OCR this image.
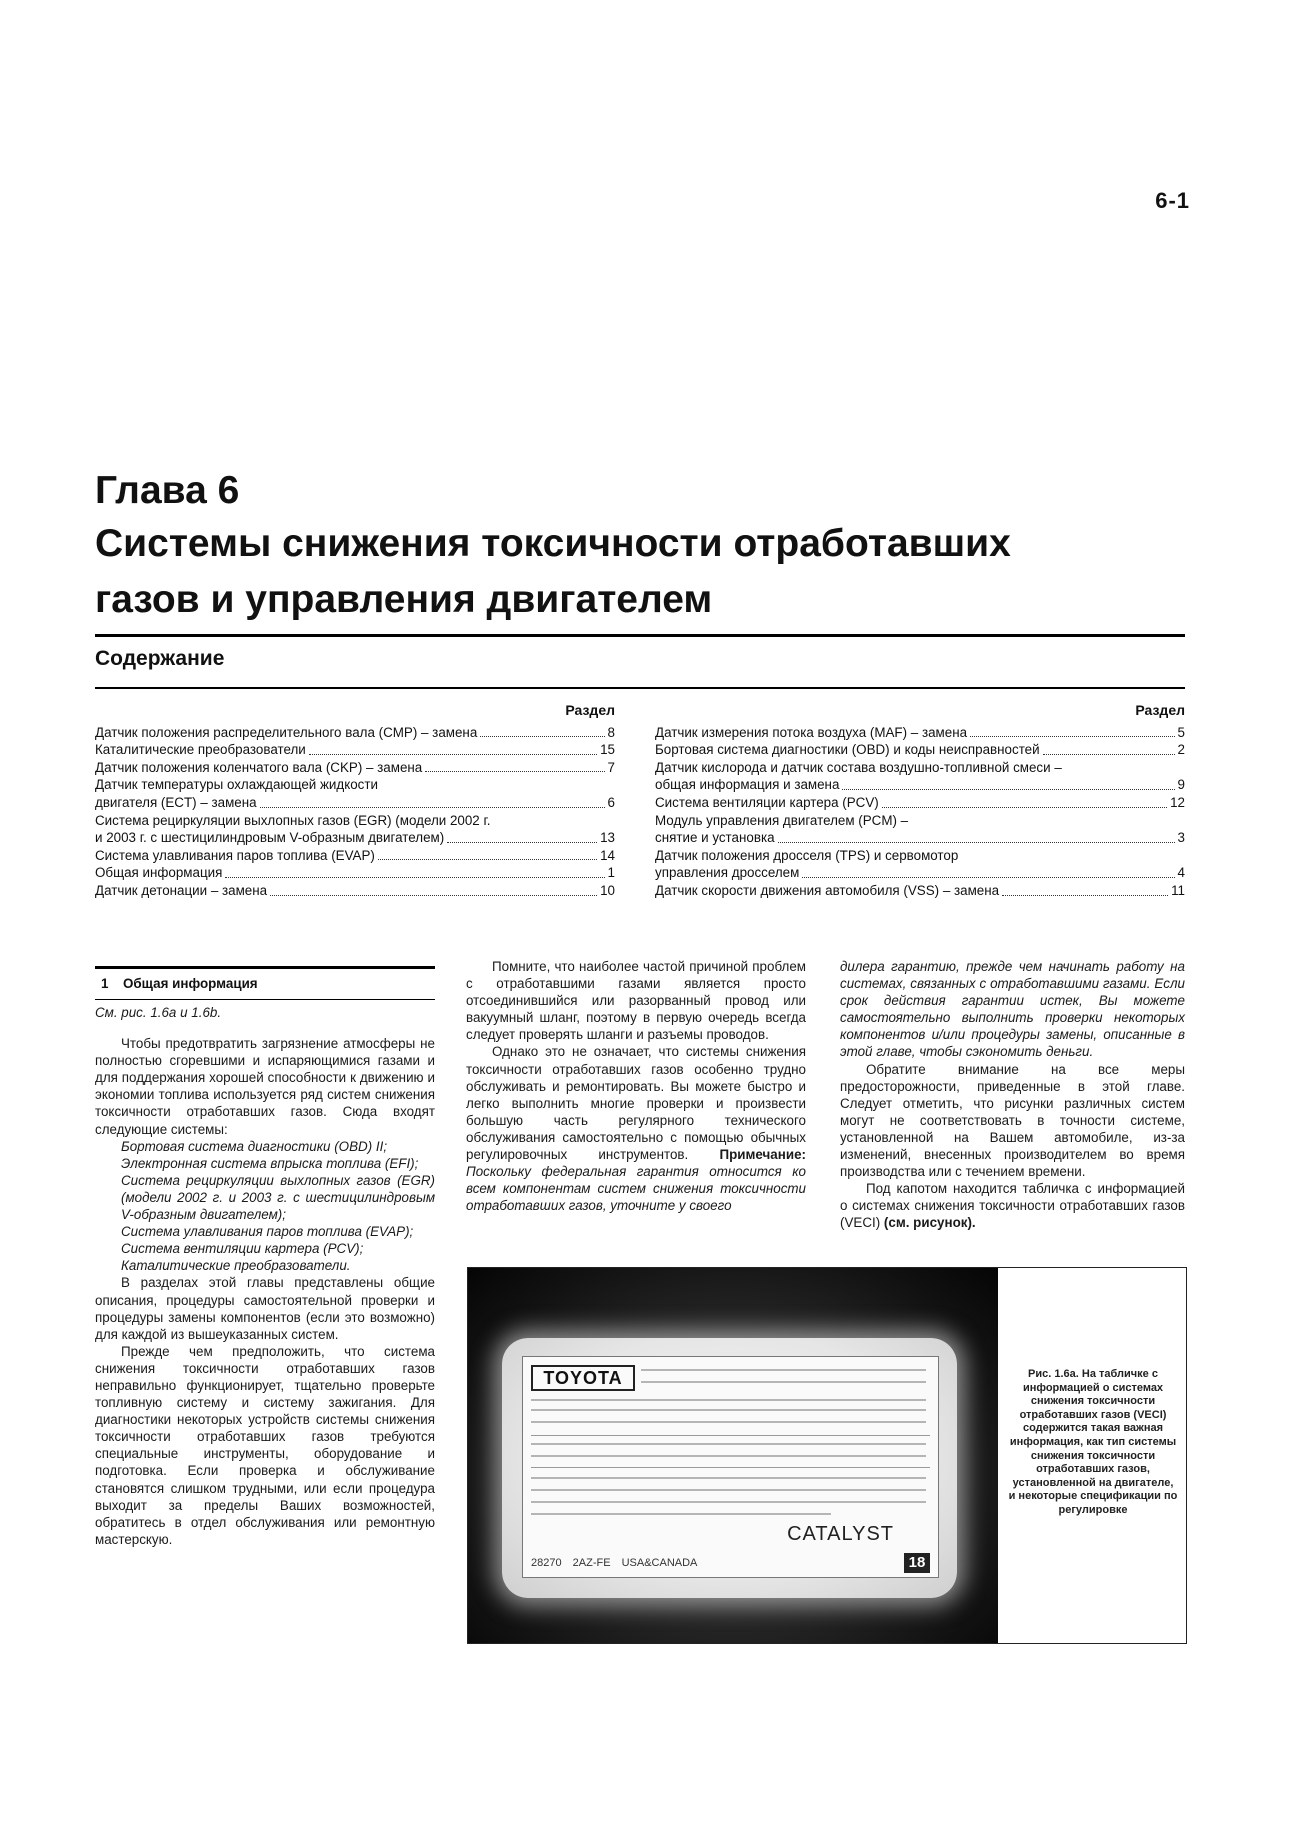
6-1
Глава 6
Системы снижения токсичности отработавших
газов и управления двигателем
Содержание
Раздел
Датчик положения распределительного вала (CMP) – замена	8
Каталитические преобразователи	15
Датчик положения коленчатого вала (CKP) – замена	7
Датчик температуры охлаждающей жидкости
двигателя (ECT) – замена	6
Система рециркуляции выхлопных газов (EGR) (модели 2002 г.
и 2003 г. с шестицилиндровым V-образным двигателем)	13
Система улавливания паров топлива (EVAP)	14
Общая информация	1
Датчик детонации – замена	10
Раздел
Датчик измерения потока воздуха (MAF) – замена	5
Бортовая система диагностики (OBD) и коды неисправностей	2
Датчик кислорода и датчик состава воздушно-топливной смеси –
общая информация и замена	9
Система вентиляции картера (PCV)	12
Модуль управления двигателем (PCM) –
снятие и установка	3
Датчик положения дросселя (TPS) и сервомотор
управления дросселем	4
Датчик скорости движения автомобиля (VSS) – замена	11
1 Общая информация

См. рис. 1.6a и 1.6b.

Чтобы предотвратить загрязнение атмосферы не полностью сгоревшими и испаряющимися газами и для поддержания хорошей способности к движению и экономии топлива используется ряд систем снижения токсичности отработавших газов. Сюда входят следующие системы:

Бортовая система диагностики (OBD) II;

Электронная система впрыска топлива (EFI);

Система рециркуляции выхлопных газов (EGR) (модели 2002 г. и 2003 г. с шестицилиндровым V-образным двигателем);

Система улавливания паров топлива (EVAP);

Система вентиляции картера (PCV);

Каталитические преобразователи.

В разделах этой главы представлены общие описания, процедуры самостоятельной проверки и процедуры замены компонентов (если это возможно) для каждой из вышеуказанных систем.

Прежде чем предположить, что система снижения токсичности отработавших газов неправильно функционирует, тщательно проверьте топливную систему и систему зажигания. Для диагностики некоторых устройств системы снижения токсичности отработавших газов требуются специальные инструменты, оборудование и подготовка. Если проверка и обслуживание становятся слишком трудными, или если процедура выходит за пределы Ваших возможностей, обратитесь в отдел обслуживания или ремонтную мастерскую.

Помните, что наиболее частой причиной проблем с отработавшими газами является просто отсоединившийся или разорванный провод или вакуумный шланг, поэтому в первую очередь всегда следует проверять шланги и разъемы проводов.

Однако это не означает, что системы снижения токсичности отработавших газов особенно трудно обслуживать и ремонтировать. Вы можете быстро и легко выполнить многие проверки и произвести большую часть регулярного технического обслуживания самостоятельно с помощью обычных регулировочных инструментов. Примечание: Поскольку федеральная гарантия относится ко всем компонентам систем снижения токсичности отработавших газов, уточните у своего

дилера гарантию, прежде чем начинать работу на системах, связанных с отработавшими газами. Если срок действия гарантии истек, Вы можете самостоятельно выполнить проверки некоторых компонентов и/или процедуры замены, описанные в этой главе, чтобы сэкономить деньги.

Обратите внимание на все меры предосторожности, приведенные в этой главе. Следует отметить, что рисунки различных систем могут не соответствовать в точности системе, установленной на Вашем автомобиле, из-за изменений, внесенных производителем во время производства или с течением времени.

Под капотом находится табличка с информацией о системах снижения токсичности отработавших газов (VECI) (см. рисунок).

TOYOTA
CATALYST
28270 2AZ-FE USA&CANADA	18
Рис. 1.6a. На табличке с информацией о системах снижения токсичности отработавших газов (VECI) содержится такая важная информация, как тип системы снижения токсичности отработавших газов, установленной на двигателе, и некоторые спецификации по регулировке
